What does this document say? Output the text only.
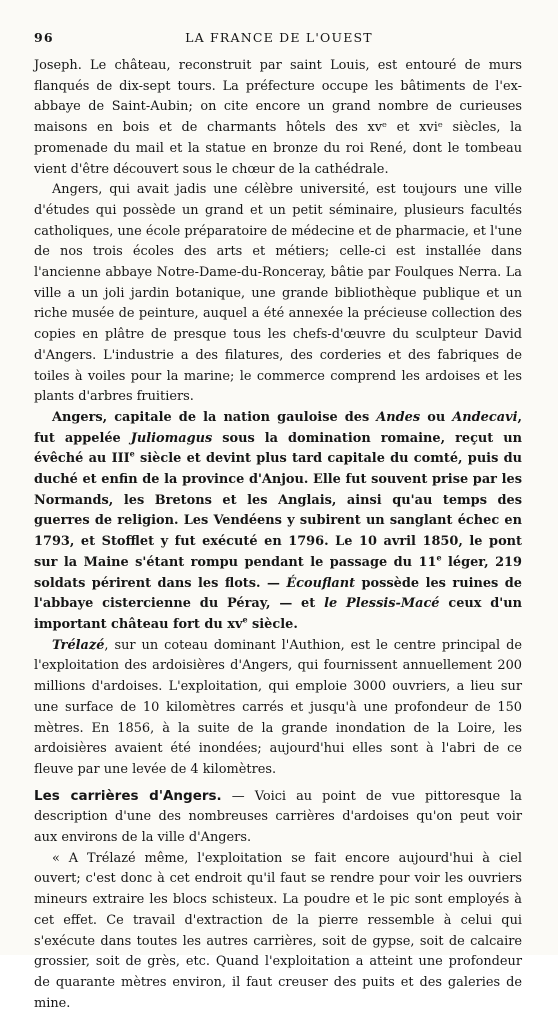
96	LA FRANCE DE L'OUEST

Joseph. Le château, reconstruit par saint Louis, est entouré de murs flanqués de dix-sept tours. La préfecture occupe les bâtiments de l'ex-abbaye de Saint-Aubin; on cite encore un grand nombre de curieuses maisons en bois et de charmants hôtels des xvᵉ et xviᵉ siècles, la promenade du mail et la statue en bronze du roi René, dont le tombeau vient d'être découvert sous le chœur de la cathédrale.

Angers, qui avait jadis une célèbre université, est toujours une ville d'études qui possède un grand et un petit séminaire, plusieurs facultés catholiques, une école préparatoire de médecine et de pharmacie, et l'une de nos trois écoles des arts et métiers; celle-ci est installée dans l'ancienne abbaye Notre-Dame-du-Ronceray, bâtie par Foulques Nerra. La ville a un joli jardin botanique, une grande bibliothèque publique et un riche musée de peinture, auquel a été annexée la précieuse collection des copies en plâtre de presque tous les chefs-d'œuvre du sculpteur David d'Angers. L'industrie a des filatures, des corderies et des fabriques de toiles à voiles pour la marine; le commerce comprend les ardoises et les plants d'arbres fruitiers.

Angers, capitale de la nation gauloise des Andes ou Andecavi, fut appelée Juliomagus sous la domination romaine, reçut un évêché au IIIe siècle et devint plus tard capitale du comté, puis du duché et enfin de la province d'Anjou. Elle fut souvent prise par les Normands, les Bretons et les Anglais, ainsi qu'au temps des guerres de religion. Les Vendéens y subirent un sanglant échec en 1793, et Stofflet y fut exécuté en 1796. Le 10 avril 1850, le pont sur la Maine s'étant rompu pendant le passage du 11e léger, 219 soldats périrent dans les flots. — Écouflant possède les ruines de l'abbaye cistercienne du Péray, — et le Plessis-Macé ceux d'un important château fort du $xv^e$ siècle.

Trélazé, sur un coteau dominant l'Authion, est le centre principal de l'exploitation des ardoisières d'Angers, qui fournissent annuellement 200 millions d'ardoises. L'exploitation, qui emploie 3000 ouvriers, a lieu sur une surface de 10 kilomètres carrés et jusqu'à une profondeur de 150 mètres. En 1856, à la suite de la grande inondation de la Loire, les ardoisières avaient été inondées; aujourd'hui elles sont à l'abri de ce fleuve par une levée de 4 kilomètres.

Les carrières d'Angers. — Voici au point de vue pittoresque la description d'une des nombreuses carrières d'ardoises qu'on peut voir aux environs de la ville d'Angers.

« A Trélazé même, l'exploitation se fait encore aujourd'hui à ciel ouvert; c'est donc à cet endroit qu'il faut se rendre pour voir les ouvriers mineurs extraire les blocs schisteux. La poudre et le pic sont employés à cet effet. Ce travail d'extraction de la pierre ressemble à celui qui s'exécute dans toutes les autres carrières, soit de gypse, soit de calcaire grossier, soit de grès, etc. Quand l'exploitation a atteint une profondeur de quarante mètres environ, il faut creuser des puits et des galeries de mine.
